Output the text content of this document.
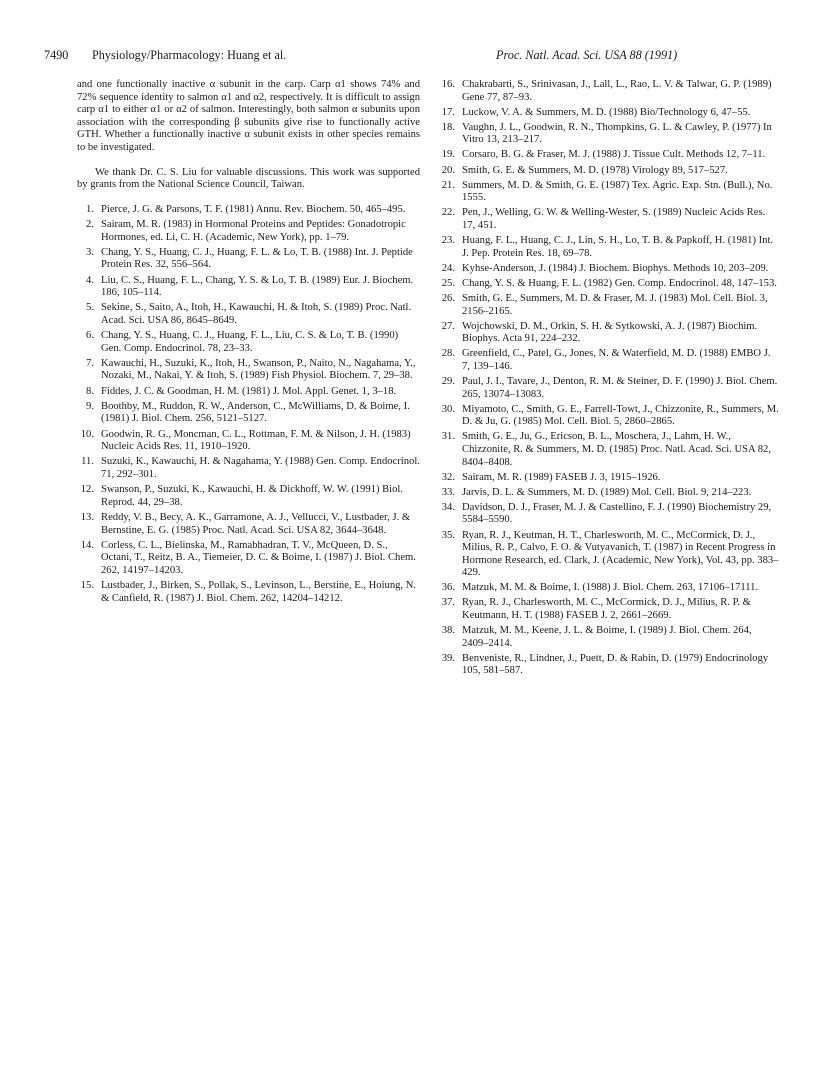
7490 Physiology/Pharmacology: Huang et al.	Proc. Natl. Acad. Sci. USA 88 (1991)

and one functionally inactive α subunit in the carp. Carp α1 shows 74% and 72% sequence identity to salmon α1 and α2, respectively. It is difficult to assign carp α1 to either α1 or α2 of salmon. Interestingly, both salmon α subunits upon association with the corresponding β subunits give rise to functionally active GTH. Whether a functionally inactive α subunit exists in other species remains to be investigated.

We thank Dr. C. S. Liu for valuable discussions. This work was supported by grants from the National Science Council, Taiwan.

1. Pierce, J. G. & Parsons, T. F. (1981) Annu. Rev. Biochem. 50, 465–495.
2. Sairam, M. R. (1983) in Hormonal Proteins and Peptides: Gonadotropic Hormones, ed. Li, C. H. (Academic, New York), pp. 1–79.
3. Chang, Y. S., Huang, C. J., Huang, F. L. & Lo, T. B. (1988) Int. J. Peptide Protein Res. 32, 556–564.
4. Liu, C. S., Huang, F. L., Chang, Y. S. & Lo, T. B. (1989) Eur. J. Biochem. 186, 105–114.
5. Sekine, S., Saito, A., Itoh, H., Kawauchi, H. & Itoh, S. (1989) Proc. Natl. Acad. Sci. USA 86, 8645–8649.
6. Chang, Y. S., Huang, C. J., Huang, F. L., Liu, C. S. & Lo, T. B. (1990) Gen. Comp. Endocrinol. 78, 23–33.
7. Kawauchi, H., Suzuki, K., Itoh, H., Swanson, P., Naito, N., Nagahama, Y., Nozaki, M., Nakai, Y. & Itoh, S. (1989) Fish Physiol. Biochem. 7, 29–38.
8. Fiddes, J. C. & Goodman, H. M. (1981) J. Mol. Appl. Genet. 1, 3–18.
9. Boothby, M., Ruddon, R. W., Anderson, C., McWilliams, D. & Boime, I. (1981) J. Biol. Chem. 256, 5121–5127.
10. Goodwin, R. G., Moncman, C. L., Rottman, F. M. & Nilson, J. H. (1983) Nucleic Acids Res. 11, 1910–1920.
11. Suzuki, K., Kawauchi, H. & Nagahama, Y. (1988) Gen. Comp. Endocrinol. 71, 292–301.
12. Swanson, P., Suzuki, K., Kawauchi, H. & Dickhoff, W. W. (1991) Biol. Reprod. 44, 29–38.
13. Reddy, V. B., Becy, A. K., Garramone, A. J., Vellucci, V., Lustbader, J. & Bernstine, E. G. (1985) Proc. Natl. Acad. Sci. USA 82, 3644–3648.
14. Corless, C. L., Bielinska, M., Ramabhadran, T. V., McQueen, D. S., Octani, T., Reitz, B. A., Tiemeier, D. C. & Boime, I. (1987) J. Biol. Chem. 262, 14197–14203.
15. Lustbader, J., Birken, S., Pollak, S., Levinson, L., Berstine, E., Hoiung, N. & Canfield, R. (1987) J. Biol. Chem. 262, 14204–14212.
16. Chakrabarti, S., Srinivasan, J., Lall, L., Rao, L. V. & Talwar, G. P. (1989) Gene 77, 87–93.
17. Luckow, V. A. & Summers, M. D. (1988) Bio/Technology 6, 47–55.
18. Vaughn, J. L., Goodwin, R. N., Thompkins, G. L. & Cawley, P. (1977) In Vitro 13, 213–217.
19. Corsaro, B. G. & Fraser, M. J. (1988) J. Tissue Cult. Methods 12, 7–11.
20. Smith, G. E. & Summers, M. D. (1978) Virology 89, 517–527.
21. Summers, M. D. & Smith, G. E. (1987) Tex. Agric. Exp. Stn. (Bull.), No. 1555.
22. Pen, J., Welling, G. W. & Welling-Wester, S. (1989) Nucleic Acids Res. 17, 451.
23. Huang, F. L., Huang, C. J., Lin, S. H., Lo, T. B. & Papkoff, H. (1981) Int. J. Pep. Protein Res. 18, 69–78.
24. Kyhse-Anderson, J. (1984) J. Biochem. Biophys. Methods 10, 203–209.
25. Chang, Y. S. & Huang, F. L. (1982) Gen. Comp. Endocrinol. 48, 147–153.
26. Smith, G. E., Summers, M. D. & Fraser, M. J. (1983) Mol. Cell. Biol. 3, 2156–2165.
27. Wojchowski, D. M., Orkin, S. H. & Sytkowski, A. J. (1987) Biochim. Biophys. Acta 91, 224–232.
28. Greenfield, C., Patel, G., Jones, N. & Waterfield, M. D. (1988) EMBO J. 7, 139–146.
29. Paul, J. I., Tavare, J., Denton, R. M. & Steiner, D. F. (1990) J. Biol. Chem. 265, 13074–13083.
30. Miyamoto, C., Smith, G. E., Farrell-Towt, J., Chizzonite, R., Summers, M. D. & Ju, G. (1985) Mol. Cell. Biol. 5, 2860–2865.
31. Smith, G. E., Ju, G., Ericson, B. L., Moschera, J., Lahm, H. W., Chizzonite, R. & Summers, M. D. (1985) Proc. Natl. Acad. Sci. USA 82, 8404–8408.
32. Sairam, M. R. (1989) FASEB J. 3, 1915–1926.
33. Jarvis, D. L. & Summers, M. D. (1989) Mol. Cell. Biol. 9, 214–223.
34. Davidson, D. J., Fraser, M. J. & Castellino, F. J. (1990) Biochemistry 29, 5584–5590.
35. Ryan, R. J., Keutman, H. T., Charlesworth, M. C., McCormick, D. J., Milius, R. P., Calvo, F. O. & Vutyavanich, T. (1987) in Recent Progress in Hormone Research, ed. Clark, J. (Academic, New York), Vol. 43, pp. 383–429.
36. Matzuk, M. M. & Boime, I. (1988) J. Biol. Chem. 263, 17106–17111.
37. Ryan, R. J., Charlesworth, M. C., McCormick, D. J., Milius, R. P. & Keutmann, H. T. (1988) FASEB J. 2, 2661–2669.
38. Matzuk, M. M., Keene, J. L. & Boime, I. (1989) J. Biol. Chem. 264, 2409–2414.
39. Benveniste, R., Lindner, J., Puett, D. & Rabin, D. (1979) Endocrinology 105, 581–587.
